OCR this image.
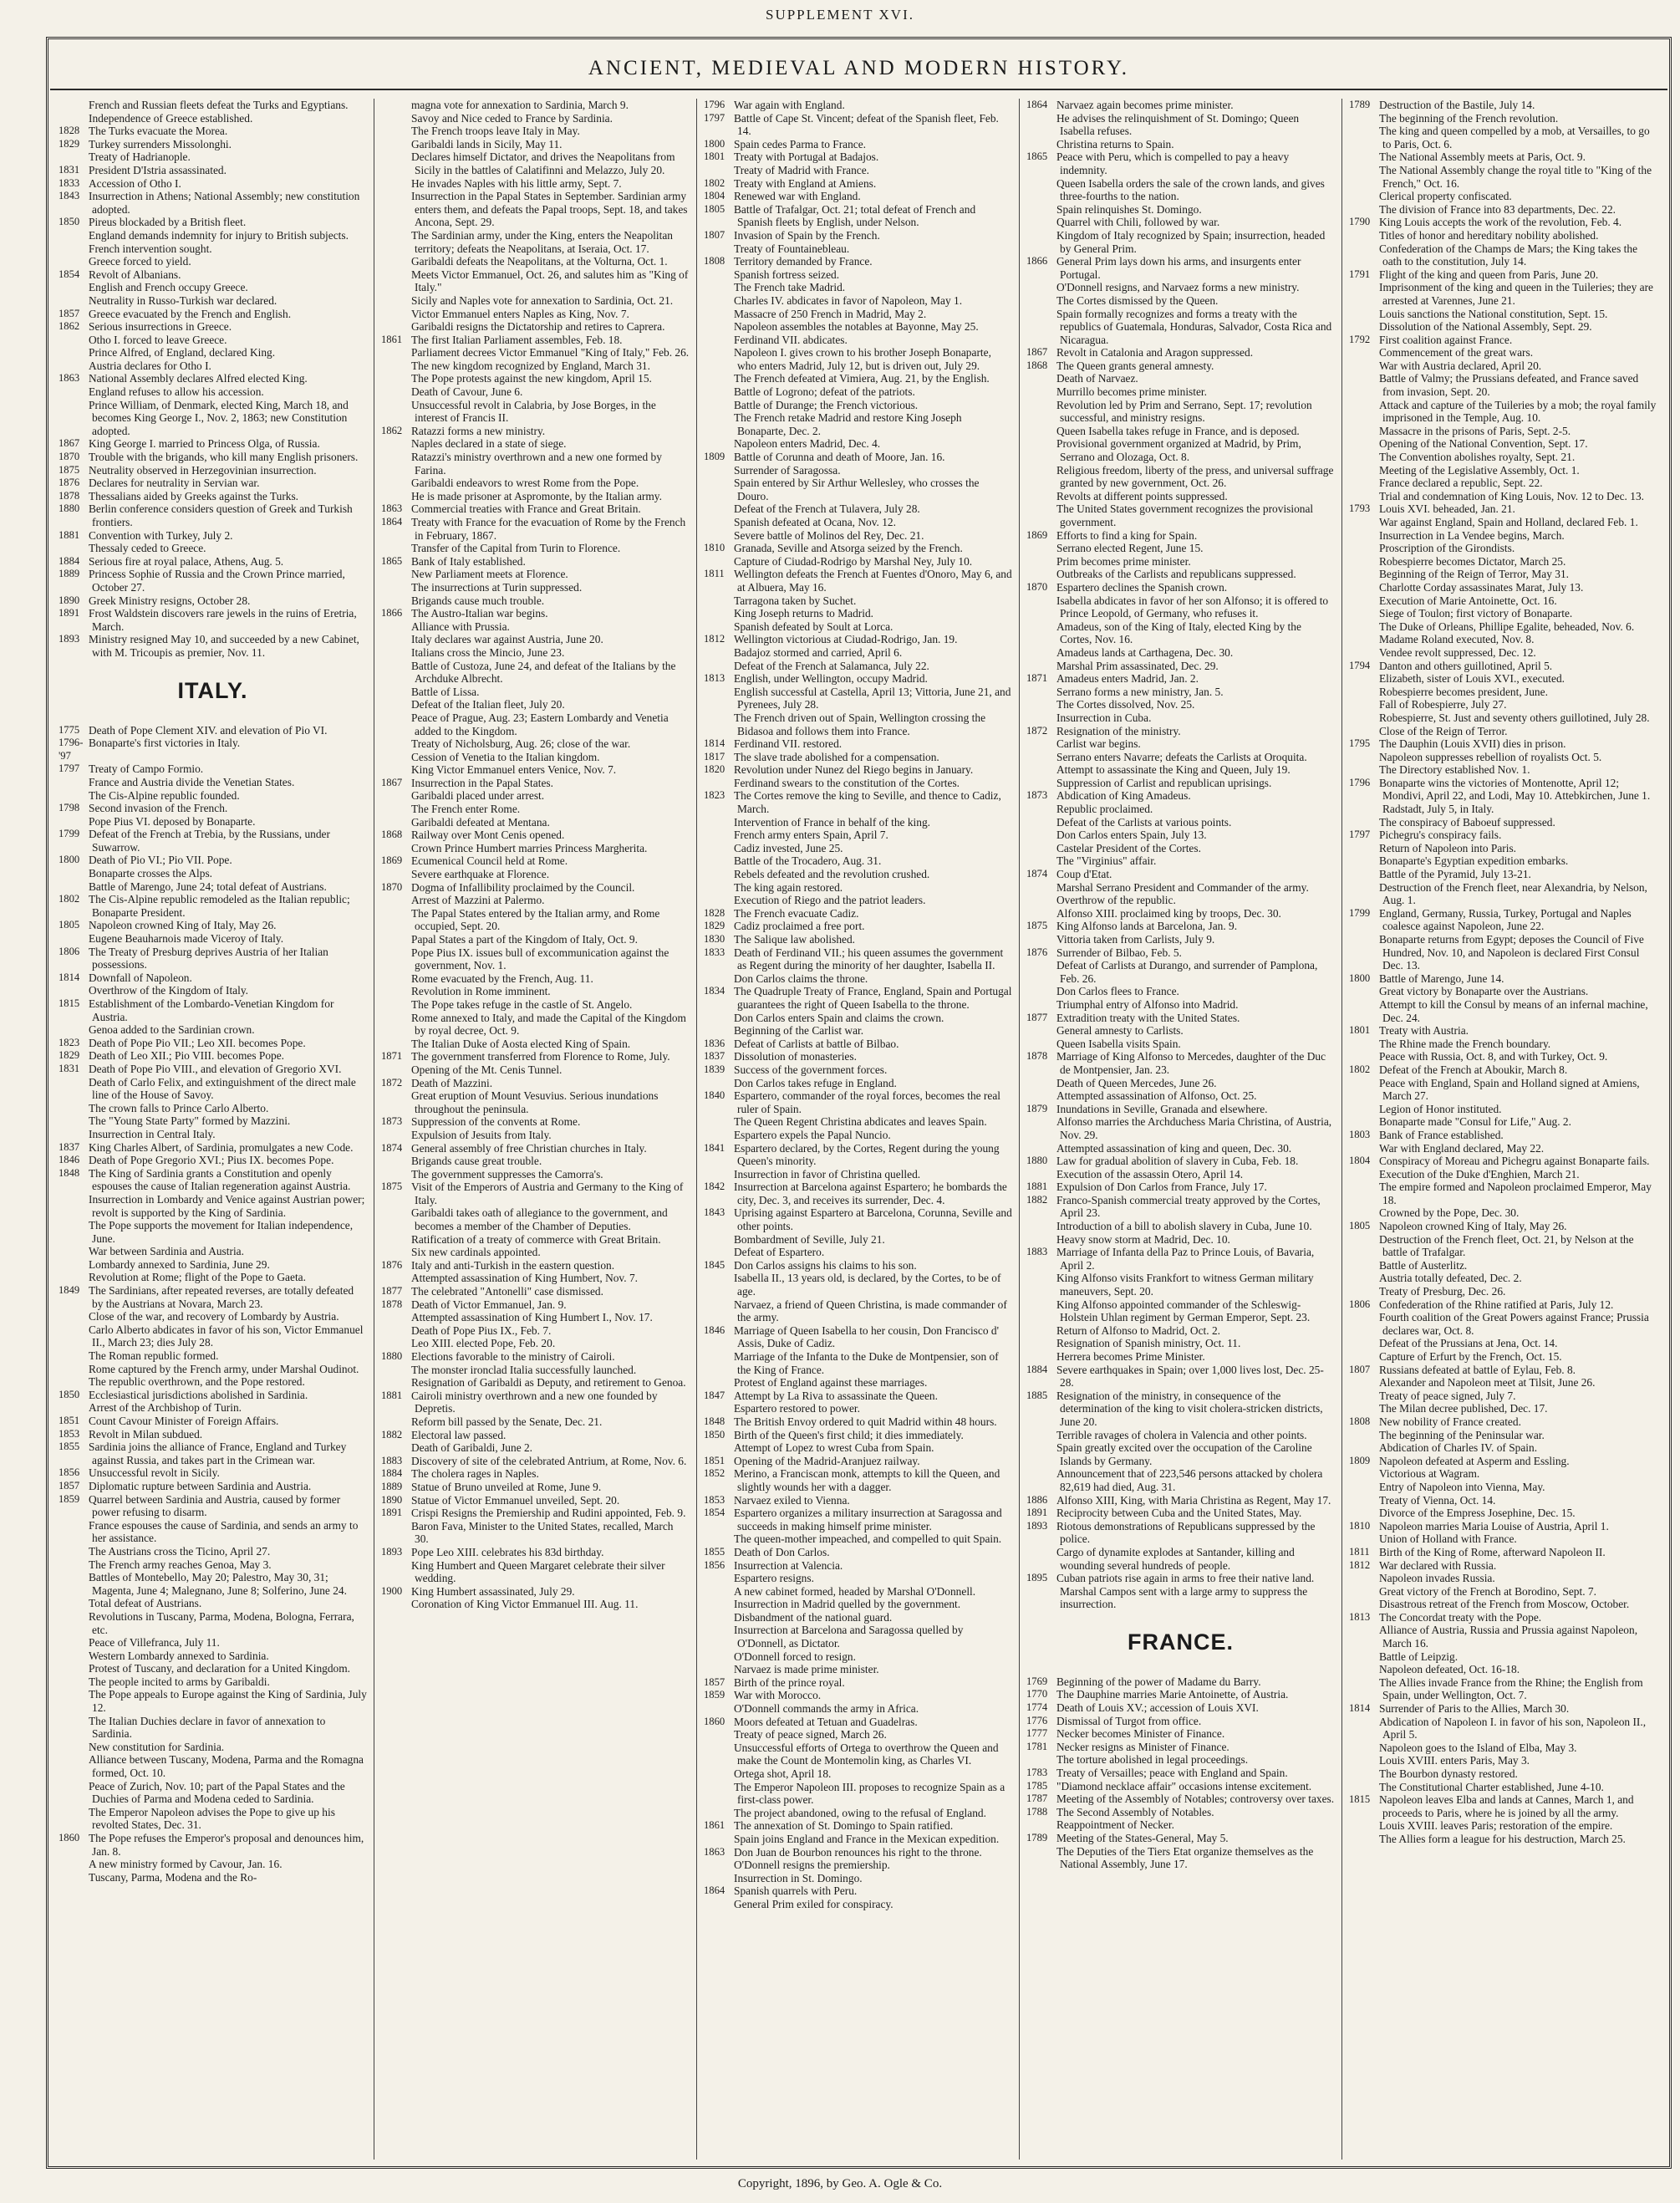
SUPPLEMENT XVI.
ANCIENT, MEDIEVAL AND MODERN HISTORY.
French and Russian fleets defeat the Turks and Egyptians.
Independence of Greece established.
1828 The Turks evacuate the Morea.
1829 Turkey surrenders Missolonghi.
Treaty of Hadrianople.
1831 President D'Istria assassinated.
1833 Accession of Otho I.
1843 Insurrection in Athens; National Assembly; new constitution adopted.
1850 Pireus blockaded by a British fleet.
England demands indemnity for injury to British subjects.
French intervention sought.
Greece forced to yield.
1854 Revolt of Albanians.
English and French occupy Greece.
Neutrality in Russo-Turkish war declared.
1857 Greece evacuated by the French and English.
1862 Serious insurrections in Greece.
Otho I. forced to leave Greece.
Prince Alfred, of England, declared King.
Austria declares for Otho I.
1863 National Assembly declares Alfred elected King.
England refuses to allow his accession.
Prince William, of Denmark, elected King, March 18, and becomes King George I., Nov. 2, 1863; new Constitution adopted.
1867 King George I. married to Princess Olga, of Russia.
1870 Trouble with the brigands, who kill many English prisoners.
1875 Neutrality observed in Herzegovinian insurrection.
1876 Declares for neutrality in Servian war.
1878 Thessalians aided by Greeks against the Turks.
1880 Berlin conference considers question of Greek and Turkish frontiers.
1881 Convention with Turkey, July 2.
Thessaly ceded to Greece.
1884 Serious fire at royal palace, Athens, Aug. 5.
1889 Princess Sophie of Russia and the Crown Prince married, October 27.
1890 Greek Ministry resigns, October 28.
1891 Frost Waldstein discovers rare jewels in the ruins of Eretria, March.
1893 Ministry resigned May 10, and succeeded by a new Cabinet, with M. Tricoupis as premier, Nov. 11.
ITALY.
1775 Death of Pope Clement XIV. and elevation of Pio VI.
1796-'97
Bonaparte's first victories in Italy.
1797 Treaty of Campo Formio.
France and Austria divide the Venetian States.
The Cis-Alpine republic founded.
1798 Second invasion of the French.
Pope Pius VI. deposed by Bonaparte.
1799 Defeat of the French at Trebia, by the Russians, under Suwarrow.
1800 Death of Pio VI.; Pio VII. Pope.
Bonaparte crosses the Alps.
Battle of Marengo, June 24; total defeat of Austrians.
1802 The Cis-Alpine republic remodeled as the Italian republic; Bonaparte President.
1805 Napoleon crowned King of Italy, May 26.
Eugene Beauharnois made Viceroy of Italy.
1806 The Treaty of Presburg deprives Austria of her Italian possessions.
1814 Downfall of Napoleon.
Overthrow of the Kingdom of Italy.
1815 Establishment of the Lombardo-Venetian Kingdom for Austria.
Genoa added to the Sardinian crown.
1823 Death of Pope Pio VII.; Leo XII. becomes Pope.
1829 Death of Leo XII.; Pio VIII. becomes Pope.
1831 Death of Pope Pio VIII., and elevation of Gregorio XVI.
Death of Carlo Felix, and extinguishment of the direct male line of the House of Savoy.
The crown falls to Prince Carlo Alberto.
The "Young State Party" formed by Mazzini.
Insurrection in Central Italy.
1837 King Charles Albert, of Sardinia, promulgates a new Code.
1846 Death of Pope Gregorio XVI.; Pius IX. becomes Pope.
1848 The King of Sardinia grants a Constitution and openly espouses the cause of Italian regeneration against Austria.
Insurrection in Lombardy and Venice against Austrian power; revolt is supported by the King of Sardinia.
The Pope supports the movement for Italian independence, June.
War between Sardinia and Austria.
Lombardy annexed to Sardinia, June 29.
Revolution at Rome; flight of the Pope to Gaeta.
1849 The Sardinians, after repeated reverses, are totally defeated by the Austrians at Novara, March 23.
Close of the war, and recovery of Lombardy by Austria.
Carlo Alberto abdicates in favor of his son, Victor Emmanuel II., March 23; dies July 28.
The Roman republic formed.
Rome captured by the French army, under Marshal Oudinot.
The republic overthrown, and the Pope restored.
1850 Ecclesiastical jurisdictions abolished in Sardinia.
Arrest of the Archbishop of Turin.
1851 Count Cavour Minister of Foreign Affairs.
1853 Revolt in Milan subdued.
1855 Sardinia joins the alliance of France, England and Turkey against Russia, and takes part in the Crimean war.
1856 Unsuccessful revolt in Sicily.
1857 Diplomatic rupture between Sardinia and Austria.
1859 Quarrel between Sardinia and Austria, caused by former power refusing to disarm.
France espouses the cause of Sardinia, and sends an army to her assistance.
The Austrians cross the Ticino, April 27.
The French army reaches Genoa, May 3.
Battles of Montebello, May 20; Palestro, May 30, 31; Magenta, June 4; Malegnano, June 8; Solferino, June 24.
Total defeat of Austrians.
Revolutions in Tuscany, Parma, Modena, Bologna, Ferrara, etc.
Peace of Villefranca, July 11.
Western Lombardy annexed to Sardinia.
Protest of Tuscany, and declaration for a United Kingdom.
The people incited to arms by Garibaldi.
The Pope appeals to Europe against the King of Sardinia, July 12.
The Italian Duchies declare in favor of annexation to Sardinia.
New constitution for Sardinia.
Alliance between Tuscany, Modena, Parma and the Romagna formed, Oct. 10.
Peace of Zurich, Nov. 10; part of the Papal States and the Duchies of Parma and Modena ceded to Sardinia.
The Emperor Napoleon advises the Pope to give up his revolted States, Dec. 31.
1860 The Pope refuses the Emperor's proposal and denounces him, Jan. 8.
A new ministry formed by Cavour, Jan. 16.
Tuscany, Parma, Modena and the Ro-
magna vote for annexation to Sardinia, March 9.
Savoy and Nice ceded to France by Sardinia.
The French troops leave Italy in May.
Garibaldi lands in Sicily, May 11.
Declares himself Dictator, and drives the Neapolitans from Sicily in the battles of Calatifinni and Melazzo, July 20.
He invades Naples with his little army, Sept. 7.
Insurrection in the Papal States in September. Sardinian army enters them, and defeats the Papal troops, Sept. 18, and takes Ancona, Sept. 29.
The Sardinian army, under the King, enters the Neapolitan territory; defeats the Neapolitans, at Iseraia, Oct. 17.
Garibaldi defeats the Neapolitans, at the Volturna, Oct. 1.
Meets Victor Emmanuel, Oct. 26, and salutes him as "King of Italy."
Sicily and Naples vote for annexation to Sardinia, Oct. 21.
Victor Emmanuel enters Naples as King, Nov. 7.
Garibaldi resigns the Dictatorship and retires to Caprera.
1861 The first Italian Parliament assembles, Feb. 18.
Parliament decrees Victor Emmanuel "King of Italy," Feb. 26.
The new kingdom recognized by England, March 31.
The Pope protests against the new kingdom, April 15.
Death of Cavour, June 6.
Unsuccessful revolt in Calabria, by Jose Borges, in the interest of Francis II.
1862 Ratazzi forms a new ministry.
Naples declared in a state of siege.
Ratazzi's ministry overthrown and a new one formed by Farina.
Garibaldi endeavors to wrest Rome from the Pope.
He is made prisoner at Aspromonte, by the Italian army.
1863 Commercial treaties with France and Great Britain.
1864 Treaty with France for the evacuation of Rome by the French in February, 1867.
Transfer of the Capital from Turin to Florence.
1865 Bank of Italy established.
New Parliament meets at Florence.
The insurrections at Turin suppressed.
Brigands cause much trouble.
1866 The Austro-Italian war begins.
Alliance with Prussia.
Italy declares war against Austria, June 20.
Italians cross the Mincio, June 23.
Battle of Custoza, June 24, and defeat of the Italians by the Archduke Albrecht.
Battle of Lissa.
Defeat of the Italian fleet, July 20.
Peace of Prague, Aug. 23; Eastern Lombardy and Venetia added to the Kingdom.
Treaty of Nicholsburg, Aug. 26; close of the war.
Cession of Venetia to the Italian kingdom.
King Victor Emmanuel enters Venice, Nov. 7.
1867 Insurrection in the Papal States.
Garibaldi placed under arrest.
The French enter Rome.
Garibaldi defeated at Mentana.
1868 Railway over Mont Cenis opened.
Crown Prince Humbert marries Princess Margherita.
1869 Ecumenical Council held at Rome.
Severe earthquake at Florence.
1870 Dogma of Infallibility proclaimed by the Council.
Arrest of Mazzini at Palermo.
The Papal States entered by the Italian army, and Rome occupied, Sept. 20.
Papal States a part of the Kingdom of Italy, Oct. 9.
Pope Pius IX. issues bull of excommunication against the government, Nov. 1.
Rome evacuated by the French, Aug. 11.
Revolution in Rome imminent.
The Pope takes refuge in the castle of St. Angelo.
Rome annexed to Italy, and made the Capital of the Kingdom by royal decree, Oct. 9.
The Italian Duke of Aosta elected King of Spain.
1871 The government transferred from Florence to Rome, July.
Opening of the Mt. Cenis Tunnel.
1872 Death of Mazzini.
Great eruption of Mount Vesuvius. Serious inundations throughout the peninsula.
1873 Suppression of the convents at Rome.
Expulsion of Jesuits from Italy.
1874 General assembly of free Christian churches in Italy.
Brigands cause great trouble.
The government suppresses the Camorra's.
1875 Visit of the Emperors of Austria and Germany to the King of Italy.
Garibaldi takes oath of allegiance to the government, and becomes a member of the Chamber of Deputies.
Ratification of a treaty of commerce with Great Britain.
Six new cardinals appointed.
1876 Italy and anti-Turkish in the eastern question.
Attempted assassination of King Humbert, Nov. 7.
1877 The celebrated "Antonelli" case dismissed.
1878 Death of Victor Emmanuel, Jan. 9.
Attempted assassination of King Humbert I., Nov. 17.
Death of Pope Pius IX., Feb. 7.
Leo XIII. elected Pope, Feb. 20.
1880 Elections favorable to the ministry of Cairoli.
The monster ironclad Italia successfully launched.
Resignation of Garibaldi as Deputy, and retirement to Genoa.
1881 Cairoli ministry overthrown and a new one founded by Depretis.
Reform bill passed by the Senate, Dec. 21.
1882 Electoral law passed.
Death of Garibaldi, June 2.
1883 Discovery of site of the celebrated Antrium, at Rome, Nov. 6.
1884 The cholera rages in Naples.
1889 Statue of Bruno unveiled at Rome, June 9.
1890 Statue of Victor Emmanuel unveiled, Sept. 20.
1891 Crispi Resigns the Premiership and Rudini appointed, Feb. 9.
Baron Fava, Minister to the United States, recalled, March 30.
1893 Pope Leo XIII. celebrates his 83d birthday.
King Humbert and Queen Margaret celebrate their silver wedding.
1900 King Humbert assassinated, July 29.
Coronation of King Victor Emmanuel III. Aug. 11.
1796 War again with England.
1797 Battle of Cape St. Vincent; defeat of the Spanish fleet, Feb. 14.
1800 Spain cedes Parma to France.
1801 Treaty with Portugal at Badajos.
Treaty of Madrid with France.
1802 Treaty with England at Amiens.
1804 Renewed war with England.
1805 Battle of Trafalgar, Oct. 21; total defeat of French and Spanish fleets by English, under Nelson.
1807 Invasion of Spain by the French.
Treaty of Fountainebleau.
1808 Territory demanded by France.
Spanish fortress seized.
The French take Madrid.
Charles IV. abdicates in favor of Napoleon, May 1.
Massacre of 250 French in Madrid, May 2.
Napoleon assembles the notables at Bayonne, May 25.
Ferdinand VII. abdicates.
Napoleon I. gives crown to his brother Joseph Bonaparte, who enters Madrid, July 12, but is driven out, July 29.
The French defeated at Vimiera, Aug. 21, by the English.
Battle of Logrono; defeat of the patriots.
Battle of Durange; the French victorious.
The French retake Madrid and restore King Joseph Bonaparte, Dec. 2.
Napoleon enters Madrid, Dec. 4.
1809 Battle of Corunna and death of Moore, Jan. 16.
Surrender of Saragossa.
Spain entered by Sir Arthur Wellesley, who crosses the Douro.
Defeat of the French at Tulavera, July 28.
Spanish defeated at Ocana, Nov. 12.
Severe battle of Molinos del Rey, Dec. 21.
1810 Granada, Seville and Atsorga seized by the French.
Capture of Ciudad-Rodrigo by Marshal Ney, July 10.
1811 Wellington defeats the French at Fuentes d'Onoro, May 6, and at Albuera, May 16.
Tarragona taken by Suchet.
King Joseph returns to Madrid.
Spanish defeated by Soult at Lorca.
1812 Wellington victorious at Ciudad-Rodrigo, Jan. 19.
Badajoz stormed and carried, April 6.
Defeat of the French at Salamanca, July 22.
1813 English, under Wellington, occupy Madrid.
English successful at Castella, April 13; Vittoria, June 21, and Pyrenees, July 28.
The French driven out of Spain, Wellington crossing the Bidasoa and follows them into France.
1814 Ferdinand VII. restored.
1817 The slave trade abolished for a compensation.
1820 Revolution under Nunez del Riego begins in January.
Ferdinand swears to the constitution of the Cortes.
1823 The Cortes remove the king to Seville, and thence to Cadiz, March.
Intervention of France in behalf of the king.
French army enters Spain, April 7.
Cadiz invested, June 25.
Battle of the Trocadero, Aug. 31.
Rebels defeated and the revolution crushed.
The king again restored.
Execution of Riego and the patriot leaders.
1828 The French evacuate Cadiz.
1829 Cadiz proclaimed a free port.
1830 The Salique law abolished.
1833 Death of Ferdinand VII.; his queen assumes the government as Regent during the minority of her daughter, Isabella II.
Don Carlos claims the throne.
1834 The Quadruple Treaty of France, England, Spain and Portugal guarantees the right of Queen Isabella to the throne.
Don Carlos enters Spain and claims the crown.
Beginning of the Carlist war.
1836 Defeat of Carlists at battle of Bilbao.
1837 Dissolution of monasteries.
1839 Success of the government forces.
Don Carlos takes refuge in England.
1840 Espartero, commander of the royal forces, becomes the real ruler of Spain.
The Queen Regent Christina abdicates and leaves Spain.
Espartero expels the Papal Nuncio.
1841 Espartero declared, by the Cortes, Regent during the young Queen's minority.
Insurrection in favor of Christina quelled.
1842 Insurrection at Barcelona against Espartero; he bombards the city, Dec. 3, and receives its surrender, Dec. 4.
1843 Uprising against Espartero at Barcelona, Corunna, Seville and other points.
Bombardment of Seville, July 21.
Defeat of Espartero.
1845 Don Carlos assigns his claims to his son.
Isabella II., 13 years old, is declared, by the Cortes, to be of age.
Narvaez, a friend of Queen Christina, is made commander of the army.
1846 Marriage of Queen Isabella to her cousin, Don Francisco d' Assis, Duke of Cadiz.
Marriage of the Infanta to the Duke de Montpensier, son of the King of France.
Protest of England against these marriages.
1847 Attempt by La Riva to assassinate the Queen.
Espartero restored to power.
1848 The British Envoy ordered to quit Madrid within 48 hours.
1850 Birth of the Queen's first child; it dies immediately.
Attempt of Lopez to wrest Cuba from Spain.
1851 Opening of the Madrid-Aranjuez railway.
1852 Merino, a Franciscan monk, attempts to kill the Queen, and slightly wounds her with a dagger.
1853 Narvaez exiled to Vienna.
1854 Espartero organizes a military insurrection at Saragossa and succeeds in making himself prime minister.
The queen-mother impeached, and compelled to quit Spain.
1855 Death of Don Carlos.
1856 Insurrection at Valencia.
Espartero resigns.
A new cabinet formed, headed by Marshal O'Donnell.
Insurrection in Madrid quelled by the government.
Disbandment of the national guard.
Insurrection at Barcelona and Saragossa quelled by O'Donnell, as Dictator.
O'Donnell forced to resign.
Narvaez is made prime minister.
1857 Birth of the prince royal.
1859 War with Morocco.
O'Donnell commands the army in Africa.
1860 Moors defeated at Tetuan and Guadelras.
Treaty of peace signed, March 26.
Unsuccessful efforts of Ortega to overthrow the Queen and make the Count de Montemolin king, as Charles VI.
Ortega shot, April 18.
The Emperor Napoleon III. proposes to recognize Spain as a first-class power.
The project abandoned, owing to the refusal of England.
1861 The annexation of St. Domingo to Spain ratified.
Spain joins England and France in the Mexican expedition.
1863 Don Juan de Bourbon renounces his right to the throne.
O'Donnell resigns the premiership.
Insurrection in St. Domingo.
1864 Spanish quarrels with Peru.
General Prim exiled for conspiracy.
1864 Narvaez again becomes prime minister.
He advises the relinquishment of St. Domingo; Queen Isabella refuses.
Christina returns to Spain.
1865 Peace with Peru, which is compelled to pay a heavy indemnity.
Queen Isabella orders the sale of the crown lands, and gives three-fourths to the nation.
Spain relinquishes St. Domingo.
Quarrel with Chili, followed by war.
Kingdom of Italy recognized by Spain; insurrection, headed by General Prim.
1866 General Prim lays down his arms, and insurgents enter Portugal.
O'Donnell resigns, and Narvaez forms a new ministry.
The Cortes dismissed by the Queen.
Spain formally recognizes and forms a treaty with the republics of Guatemala, Honduras, Salvador, Costa Rica and Nicaragua.
1867 Revolt in Catalonia and Aragon suppressed.
1868 The Queen grants general amnesty.
Death of Narvaez.
Murrillo becomes prime minister.
Revolution led by Prim and Serrano, Sept. 17; revolution successful, and ministry resigns.
Queen Isabella takes refuge in France, and is deposed.
Provisional government organized at Madrid, by Prim, Serrano and Olozaga, Oct. 8.
Religious freedom, liberty of the press, and universal suffrage granted by new government, Oct. 26.
Revolts at different points suppressed.
The United States government recognizes the provisional government.
1869 Efforts to find a king for Spain.
Serrano elected Regent, June 15.
Prim becomes prime minister.
Outbreaks of the Carlists and republicans suppressed.
1870 Espartero declines the Spanish crown.
Isabella abdicates in favor of her son Alfonso; it is offered to Prince Leopold, of Germany, who refuses it.
Amadeus, son of the King of Italy, elected King by the Cortes, Nov. 16.
Amadeus lands at Carthagena, Dec. 30.
Marshal Prim assassinated, Dec. 29.
1871 Amadeus enters Madrid, Jan. 2.
Serrano forms a new ministry, Jan. 5.
The Cortes dissolved, Nov. 25.
Insurrection in Cuba.
1872 Resignation of the ministry.
Carlist war begins.
Serrano enters Navarre; defeats the Carlists at Oroquita.
Attempt to assassinate the King and Queen, July 19.
Suppression of Carlist and republican uprisings.
1873 Abdication of King Amadeus.
Republic proclaimed.
Defeat of the Carlists at various points.
Don Carlos enters Spain, July 13.
Castelar President of the Cortes.
The "Virginius" affair.
1874 Coup d'Etat.
Marshal Serrano President and Commander of the army.
Overthrow of the republic.
Alfonso XIII. proclaimed king by troops, Dec. 30.
1875 King Alfonso lands at Barcelona, Jan. 9.
Vittoria taken from Carlists, July 9.
1876 Surrender of Bilbao, Feb. 5.
Defeat of Carlists at Durango, and surrender of Pamplona, Feb. 26.
Don Carlos flees to France.
Triumphal entry of Alfonso into Madrid.
1877 Extradition treaty with the United States.
General amnesty to Carlists.
Queen Isabella visits Spain.
1878 Marriage of King Alfonso to Mercedes, daughter of the Duc de Montpensier, Jan. 23.
Death of Queen Mercedes, June 26.
Attempted assassination of Alfonso, Oct. 25.
1879 Inundations in Seville, Granada and elsewhere.
Alfonso marries the Archduchess Maria Christina, of Austria, Nov. 29.
Attempted assassination of king and queen, Dec. 30.
1880 Law for gradual abolition of slavery in Cuba, Feb. 18.
Execution of the assassin Otero, April 14.
1881 Expulsion of Don Carlos from France, July 17.
1882 Franco-Spanish commercial treaty approved by the Cortes, April 23.
Introduction of a bill to abolish slavery in Cuba, June 10.
Heavy snow storm at Madrid, Dec. 10.
1883 Marriage of Infanta della Paz to Prince Louis, of Bavaria, April 2.
King Alfonso visits Frankfort to witness German military maneuvers, Sept. 20.
King Alfonso appointed commander of the Schleswig-Holstein Uhlan regiment by German Emperor, Sept. 23.
Return of Alfonso to Madrid, Oct. 2.
Resignation of Spanish ministry, Oct. 11.
Herrera becomes Prime Minister.
1884 Severe earthquakes in Spain; over 1,000 lives lost, Dec. 25-28.
1885 Resignation of the ministry, in consequence of the determination of the king to visit cholera-stricken districts, June 20.
Terrible ravages of cholera in Valencia and other points.
Spain greatly excited over the occupation of the Caroline Islands by Germany.
Announcement that of 223,546 persons attacked by cholera 82,619 had died, Aug. 31.
1886 Alfonso XIII, King, with Maria Christina as Regent, May 17.
1891 Reciprocity between Cuba and the United States, May.
1893 Riotous demonstrations of Republicans suppressed by the police.
Cargo of dynamite explodes at Santander, killing and wounding several hundreds of people.
1895 Cuban patriots rise again in arms to free their native land. Marshal Campos sent with a large army to suppress the insurrection.
FRANCE.
1769 Beginning of the power of Madame du Barry.
1770 The Dauphine marries Marie Antoinette, of Austria.
1774 Death of Louis XV.; accession of Louis XVI.
1776 Dismissal of Turgot from office.
1777 Necker becomes Minister of Finance.
1781 Necker resigns as Minister of Finance.
The torture abolished in legal proceedings.
1783 Treaty of Versailles; peace with England and Spain.
1785 "Diamond necklace affair" occasions intense excitement.
1787 Meeting of the Assembly of Notables; controversy over taxes.
1788 The Second Assembly of Notables.
Reappointment of Necker.
1789 Meeting of the States-General, May 5.
The Deputies of the Tiers Etat organize themselves as the National Assembly, June 17.
1789 Destruction of the Bastile, July 14.
The beginning of the French revolution.
The king and queen compelled by a mob, at Versailles, to go to Paris, Oct. 6.
The National Assembly meets at Paris, Oct. 9.
The National Assembly change the royal title to "King of the French," Oct. 16.
Clerical property confiscated.
The division of France into 83 departments, Dec. 22.
1790 King Louis accepts the work of the revolution, Feb. 4.
Titles of honor and hereditary nobility abolished.
Confederation of the Champs de Mars; the King takes the oath to the constitution, July 14.
1791 Flight of the king and queen from Paris, June 20.
Imprisonment of the king and queen in the Tuileries; they are arrested at Varennes, June 21.
Louis sanctions the National constitution, Sept. 15.
Dissolution of the National Assembly, Sept. 29.
1792 First coalition against France.
Commencement of the great wars.
War with Austria declared, April 20.
Battle of Valmy; the Prussians defeated, and France saved from invasion, Sept. 20.
Attack and capture of the Tuileries by a mob; the royal family imprisoned in the Temple, Aug. 10.
Massacre in the prisons of Paris, Sept. 2-5.
Opening of the National Convention, Sept. 17.
The Convention abolishes royalty, Sept. 21.
Meeting of the Legislative Assembly, Oct. 1.
France declared a republic, Sept. 22.
Trial and condemnation of King Louis, Nov. 12 to Dec. 13.
1793 Louis XVI. beheaded, Jan. 21.
War against England, Spain and Holland, declared Feb. 1.
Insurrection in La Vendee begins, March.
Proscription of the Girondists.
Robespierre becomes Dictator, March 25.
Beginning of the Reign of Terror, May 31.
Charlotte Corday assassinates Marat, July 13.
Execution of Marie Antoinette, Oct. 16.
Siege of Toulon; first victory of Bonaparte.
The Duke of Orleans, Phillipe Egalite, beheaded, Nov. 6.
Madame Roland executed, Nov. 8.
Vendee revolt suppressed, Dec. 12.
1794 Danton and others guillotined, April 5.
Elizabeth, sister of Louis XVI., executed.
Robespierre becomes president, June.
Fall of Robespierre, July 27.
Robespierre, St. Just and seventy others guillotined, July 28.
Close of the Reign of Terror.
1795 The Dauphin (Louis XVII) dies in prison.
Napoleon suppresses rebellion of royalists Oct. 5.
The Directory established Nov. 1.
1796 Bonaparte wins the victories of Montenotte, April 12; Mondivi, April 22, and Lodi, May 10. Attebkirchen, June 1. Radstadt, July 5, in Italy.
The conspiracy of Baboeuf suppressed.
1797 Pichegru's conspiracy fails.
Return of Napoleon into Paris.
Bonaparte's Egyptian expedition embarks.
Battle of the Pyramid, July 13-21.
Destruction of the French fleet, near Alexandria, by Nelson, Aug. 1.
1799 England, Germany, Russia, Turkey, Portugal and Naples coalesce against Napoleon, June 22.
Bonaparte returns from Egypt; deposes the Council of Five Hundred, Nov. 10, and Napoleon is declared First Consul Dec. 13.
1800 Battle of Marengo, June 14.
Great victory by Bonaparte over the Austrians.
Attempt to kill the Consul by means of an infernal machine, Dec. 24.
1801 Treaty with Austria.
The Rhine made the French boundary.
Peace with Russia, Oct. 8, and with Turkey, Oct. 9.
1802 Defeat of the French at Aboukir, March 8.
Peace with England, Spain and Holland signed at Amiens, March 27.
Legion of Honor instituted.
Bonaparte made "Consul for Life," Aug. 2.
1803 Bank of France established.
War with England declared, May 22.
1804 Conspiracy of Moreau and Pichegru against Bonaparte fails.
Execution of the Duke d'Enghien, March 21.
The empire formed and Napoleon proclaimed Emperor, May 18.
Crowned by the Pope, Dec. 30.
1805 Napoleon crowned King of Italy, May 26.
Destruction of the French fleet, Oct. 21, by Nelson at the battle of Trafalgar.
Battle of Austerlitz.
Austria totally defeated, Dec. 2.
Treaty of Presburg, Dec. 26.
1806 Confederation of the Rhine ratified at Paris, July 12.
Fourth coalition of the Great Powers against France; Prussia declares war, Oct. 8.
Defeat of the Prussians at Jena, Oct. 14.
Capture of Erfurt by the French, Oct. 15.
1807 Russians defeated at battle of Eylau, Feb. 8.
Alexander and Napoleon meet at Tilsit, June 26.
Treaty of peace signed, July 7.
The Milan decree published, Dec. 17.
1808 New nobility of France created.
The beginning of the Peninsular war.
Abdication of Charles IV. of Spain.
1809 Napoleon defeated at Asperm and Essling.
Victorious at Wagram.
Entry of Napoleon into Vienna, May.
Treaty of Vienna, Oct. 14.
Divorce of the Empress Josephine, Dec. 15.
1810 Napoleon marries Maria Louise of Austria, April 1.
Union of Holland with France.
1811 Birth of the King of Rome, afterward Napoleon II.
1812 War declared with Russia.
Napoleon invades Russia.
Great victory of the French at Borodino, Sept. 7.
Disastrous retreat of the French from Moscow, October.
1813 The Concordat treaty with the Pope.
Alliance of Austria, Russia and Prussia against Napoleon, March 16.
Battle of Leipzig.
Napoleon defeated, Oct. 16-18.
The Allies invade France from the Rhine; the English from Spain, under Wellington, Oct. 7.
1814 Surrender of Paris to the Allies, March 30.
Abdication of Napoleon I. in favor of his son, Napoleon II., April 5.
Napoleon goes to the Island of Elba, May 3.
Louis XVIII. enters Paris, May 3.
The Bourbon dynasty restored.
The Constitutional Charter established, June 4-10.
1815 Napoleon leaves Elba and lands at Cannes, March 1, and proceeds to Paris, where he is joined by all the army.
Louis XVIII. leaves Paris; restoration of the empire.
The Allies form a league for his destruction, March 25.
Copyright, 1896, by Geo. A. Ogle & Co.
